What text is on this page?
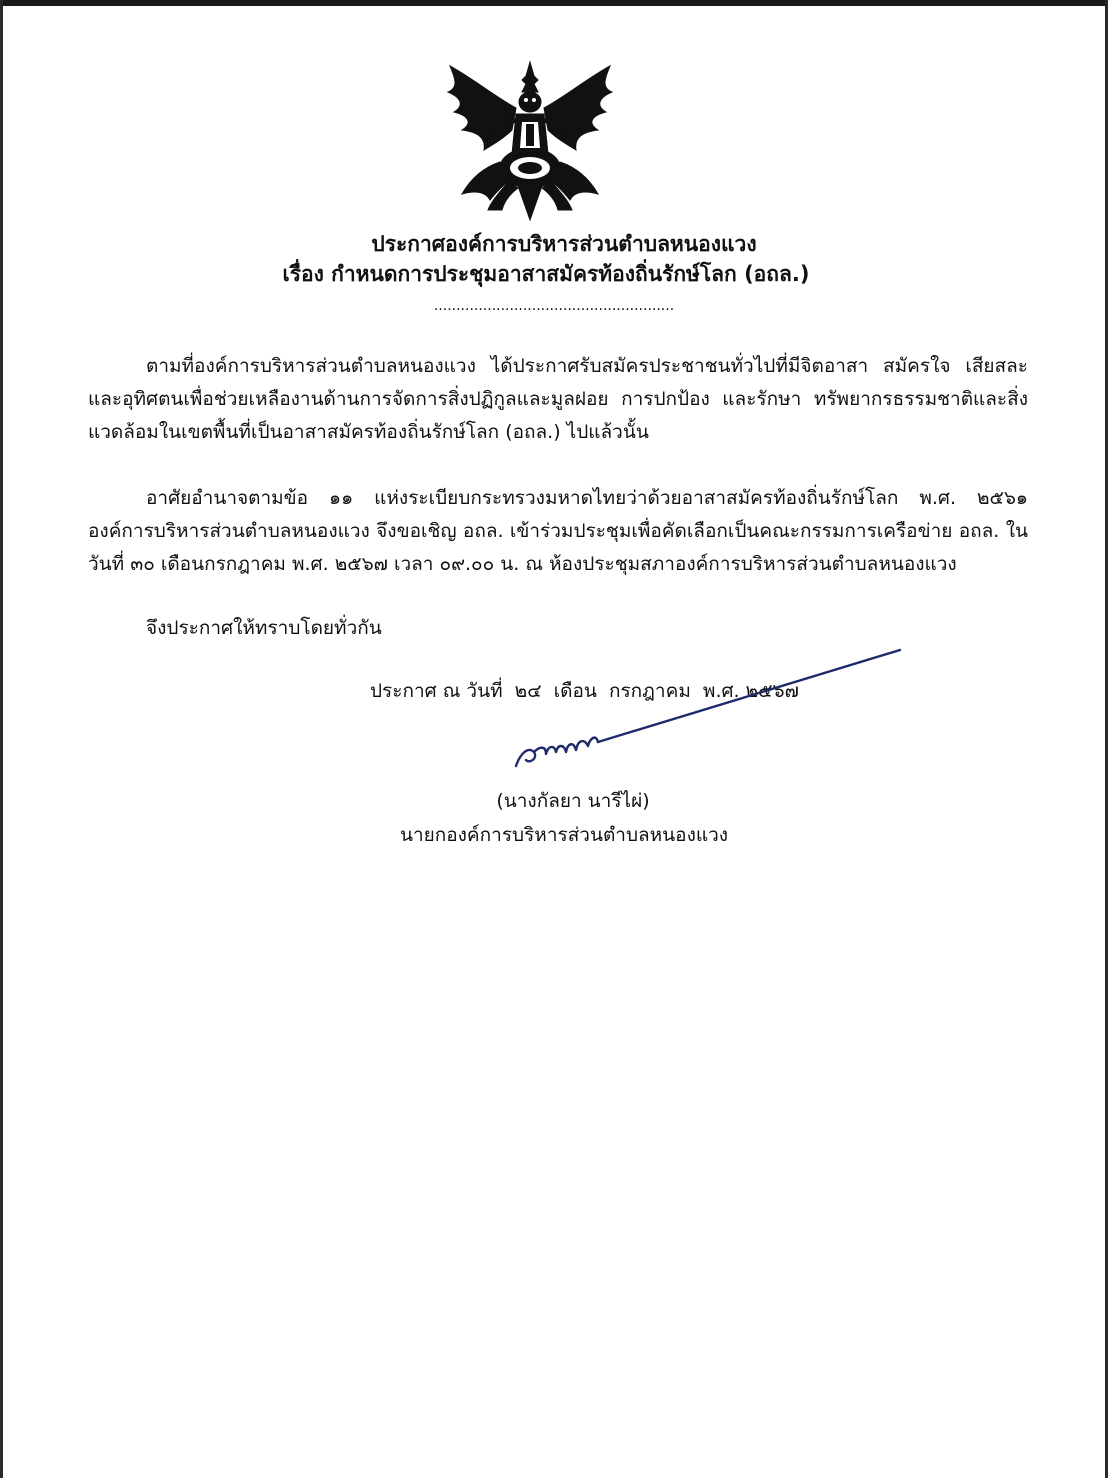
ประกาศองค์การบริหารส่วนตำบลหนองแวง
เรื่อง กำหนดการประชุมอาสาสมัครท้องถิ่นรักษ์โลก (อถล.)
......................................................
ตามที่องค์การบริหารส่วนตำบลหนองแวง ได้ประกาศรับสมัครประชาชนทั่วไปที่มีจิตอาสา สมัครใจ เสียสละและอุทิศตนเพื่อช่วยเหลืองานด้านการจัดการสิ่งปฏิกูลและมูลฝอย การปกป้อง และรักษา ทรัพยากรธรรมชาติและสิ่งแวดล้อมในเขตพื้นที่เป็นอาสาสมัครท้องถิ่นรักษ์โลก (อถล.) ไปแล้วนั้น
อาศัยอำนาจตามข้อ ๑๑ แห่งระเบียบกระทรวงมหาดไทยว่าด้วยอาสาสมัครท้องถิ่นรักษ์โลก พ.ศ. ๒๕๖๑ องค์การบริหารส่วนตำบลหนองแวง จึงขอเชิญ อถล. เข้าร่วมประชุมเพื่อคัดเลือกเป็นคณะกรรมการเครือข่าย อถล. ในวันที่ ๓๐ เดือนกรกฎาคม พ.ศ. ๒๕๖๗ เวลา ๐๙.๐๐ น. ณ ห้องประชุมสภาองค์การบริหารส่วนตำบลหนองแวง
จึงประกาศให้ทราบโดยทั่วกัน
ประกาศ ณ วันที่  ๒๔  เดือน  กรกฎาคม  พ.ศ. ๒๕๖๗
(นางกัลยา นารีไผ่)
นายกองค์การบริหารส่วนตำบลหนองแวง
